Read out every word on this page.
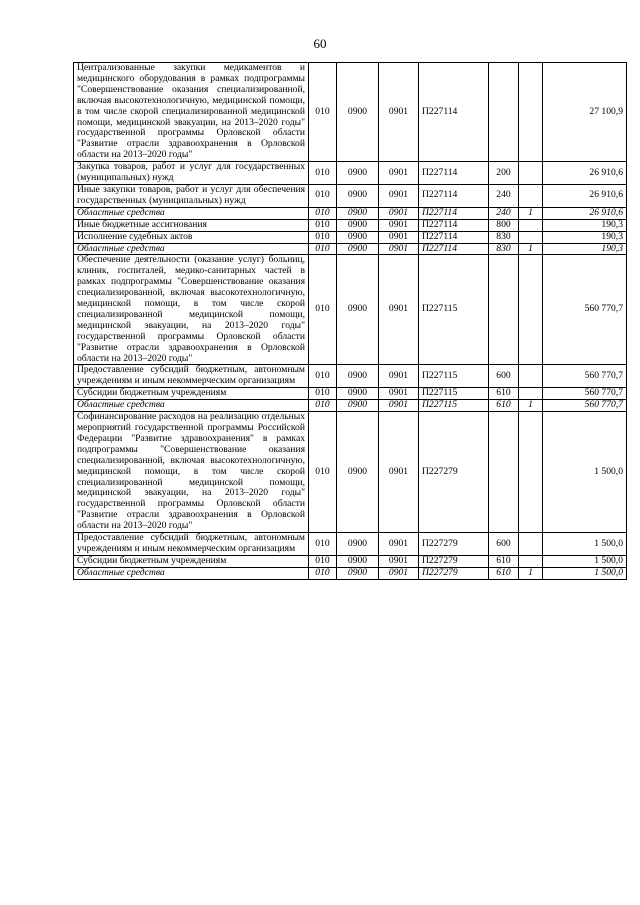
60
Централизованные закупки медикаментов и медицинского оборудования в рамках подпрограммы "Совершенствование оказания специализированной, включая высокотехнологичную, медицинской помощи, в том числе скорой специализированной медицинской помощи, медицинской эвакуации, на 2013–2020 годы" государственной программы Орловской области "Развитие отрасли здравоохранения в Орловской области на 2013–2020 годы"	010	0900	0901	П227114			27 100,9
Закупка товаров, работ и услуг для государственных (муниципальных) нужд	010	0900	0901	П227114	200		26 910,6
Иные закупки товаров, работ и услуг для обеспечения государственных (муниципальных) нужд	010	0900	0901	П227114	240		26 910,6
Областные средства	010	0900	0901	П227114	240	1	26 910,6
Иные бюджетные ассигнования	010	0900	0901	П227114	800		190,3
Исполнение судебных актов	010	0900	0901	П227114	830		190,3
Областные средства	010	0900	0901	П227114	830	1	190,3
Обеспечение деятельности (оказание услуг) больниц, клиник, госпиталей, медико-санитарных частей в рамках подпрограммы "Совершенствование оказания специализированной, включая высокотехнологичную, медицинской помощи, в том числе скорой специализированной медицинской помощи, медицинской эвакуации, на 2013–2020 годы" государственной программы Орловской области "Развитие отрасли здравоохранения в Орловской области на 2013–2020 годы"	010	0900	0901	П227115			560 770,7
Предоставление субсидий бюджетным, автономным учреждениям и иным некоммерческим организациям	010	0900	0901	П227115	600		560 770,7
Субсидии бюджетным учреждениям	010	0900	0901	П227115	610		560 770,7
Областные средства	010	0900	0901	П227115	610	1	560 770,7
Софинансирование расходов на реализацию отдельных мероприятий государственной программы Российской Федерации "Развитие здравоохранения" в рамках подпрограммы "Совершенствование оказания специализированной, включая высокотехнологичную, медицинской помощи, в том числе скорой специализированной медицинской помощи, медицинской эвакуации, на 2013–2020 годы" государственной программы Орловской области "Развитие отрасли здравоохранения в Орловской области на 2013–2020 годы"	010	0900	0901	П227279			1 500,0
Предоставление субсидий бюджетным, автономным учреждениям и иным некоммерческим организациям	010	0900	0901	П227279	600		1 500,0
Субсидии бюджетным учреждениям	010	0900	0901	П227279	610		1 500,0
Областные средства	010	0900	0901	П227279	610	1	1 500,0
